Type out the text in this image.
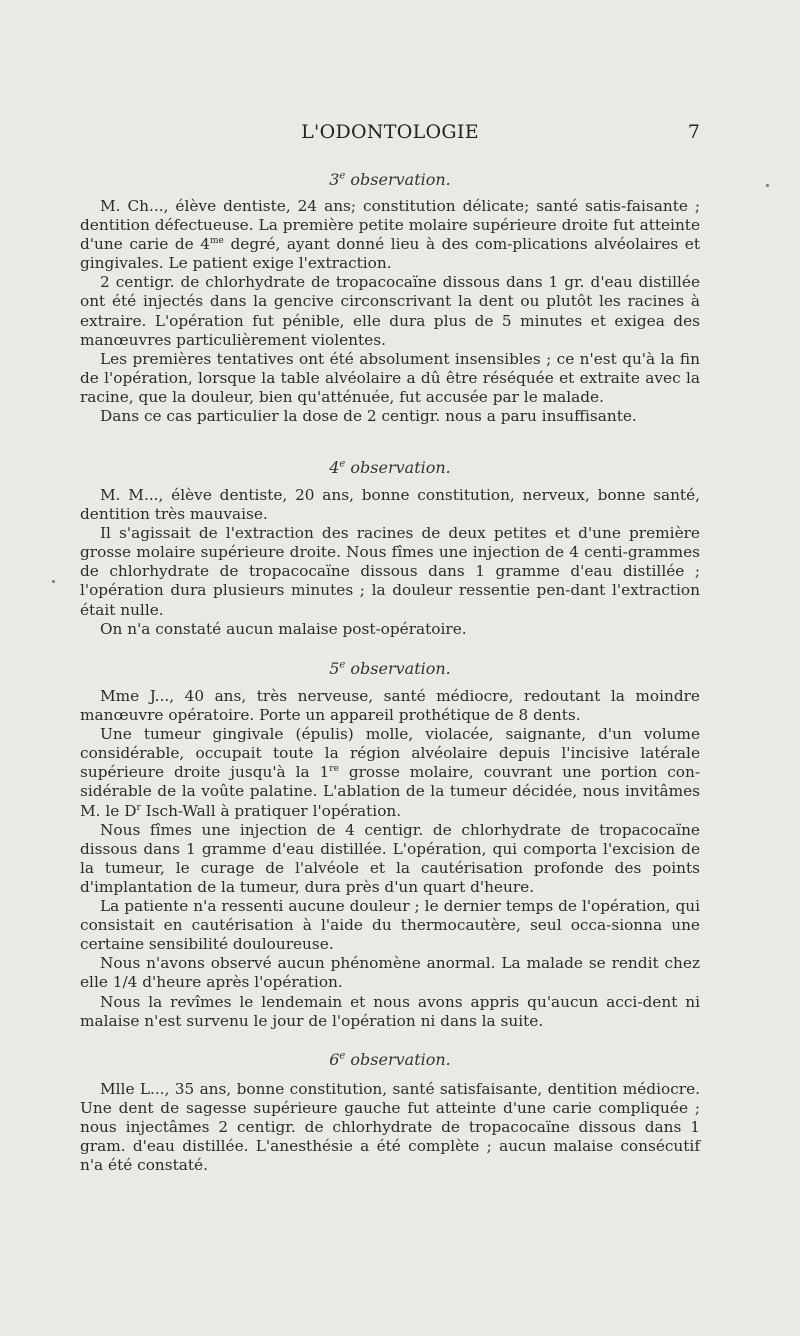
L'ODONTOLOGIE	7
3e observation.

M. Ch..., élève dentiste, 24 ans; constitution délicate; santé satis-faisante ; dentition défectueuse. La première petite molaire supérieure droite fut atteinte d'une carie de $4^{me}$ degré, ayant donné lieu à des com-plications alvéolaires et gingivales. Le patient exige l'extraction.

2 centigr. de chlorhydrate de tropacocaïne dissous dans 1 gr. d'eau distillée ont été injectés dans la gencive circonscrivant la dent ou plutôt les racines à extraire. L'opération fut pénible, elle dura plus de 5 minutes et exigea des manœuvres particulièrement violentes.

Les premières tentatives ont été absolument insensibles ; ce n'est qu'à la fin de l'opération, lorsque la table alvéolaire a dû être réséquée et extraite avec la racine, que la douleur, bien qu'atténuée, fut accusée par le malade.

Dans ce cas particulier la dose de 2 centigr. nous a paru insuffisante.

4e observation.

M. M..., élève dentiste, 20 ans, bonne constitution, nerveux, bonne santé, dentition très mauvaise.

Il s'agissait de l'extraction des racines de deux petites et d'une première grosse molaire supérieure droite. Nous fîmes une injection de 4 centi-grammes de chlorhydrate de tropacocaïne dissous dans 1 gramme d'eau distillée ; l'opération dura plusieurs minutes ; la douleur ressentie pen-dant l'extraction était nulle.

On n'a constaté aucun malaise post-opératoire.

5e observation.

Mme J..., 40 ans, très nerveuse, santé médiocre, redoutant la moindre manœuvre opératoire. Porte un appareil prothétique de 8 dents.

Une tumeur gingivale (épulis) molle, violacée, saignante, d'un volume considérable, occupait toute la région alvéolaire depuis l'incisive latérale supérieure droite jusqu'à la 1re grosse molaire, couvrant une portion con-sidérable de la voûte palatine. L'ablation de la tumeur décidée, nous invitâmes M. le $D^r$ Isch-Wall à pratiquer l'opération.

Nous fîmes une injection de 4 centigr. de chlorhydrate de tropacocaïne dissous dans 1 gramme d'eau distillée. L'opération, qui comporta l'excision de la tumeur, le curage de l'alvéole et la cautérisation profonde des points d'implantation de la tumeur, dura près d'un quart d'heure.

La patiente n'a ressenti aucune douleur ; le dernier temps de l'opération, qui consistait en cautérisation à l'aide du thermocautère, seul occa-sionna une certaine sensibilité douloureuse.

Nous n'avons observé aucun phénomène anormal. La malade se rendit chez elle 1/4 d'heure après l'opération.

Nous la revîmes le lendemain et nous avons appris qu'aucun acci-dent ni malaise n'est survenu le jour de l'opération ni dans la suite.

6e observation.

Mlle L..., 35 ans, bonne constitution, santé satisfaisante, dentition médiocre. Une dent de sagesse supérieure gauche fut atteinte d'une carie compliquée ; nous injectâmes 2 centigr. de chlorhydrate de tropacocaïne dissous dans 1 gram. d'eau distillée. L'anesthésie a été complète ; aucun malaise consécutif n'a été constaté.
